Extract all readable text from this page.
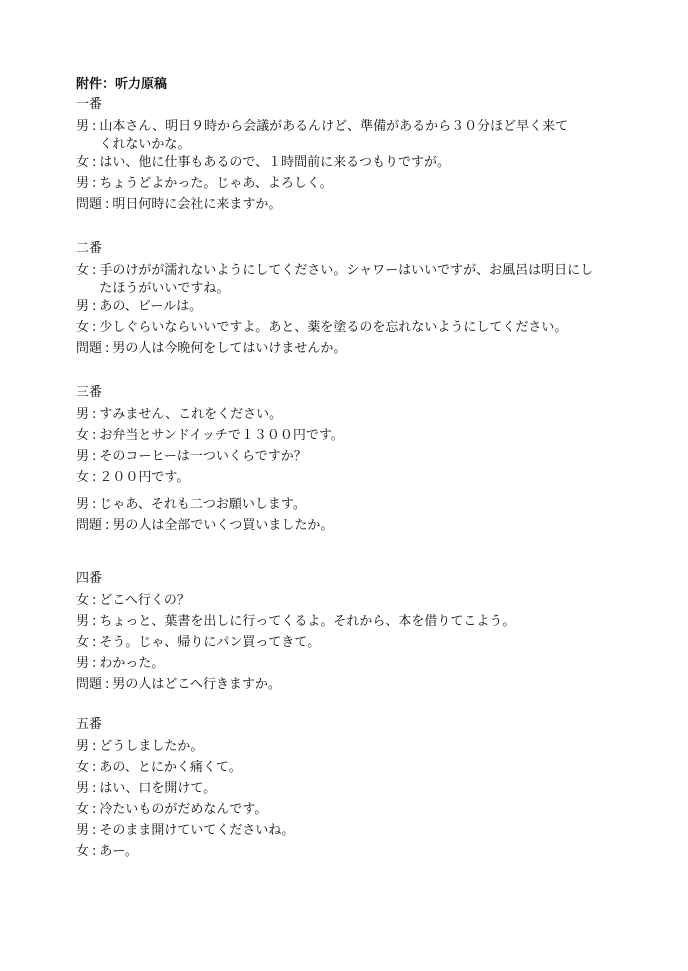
附件：听力原稿
一番
男 : 山本さん、明日９時から会議があるんけど、準備があるから３０分ほど早く来て　　くれないかな。
女 : はい、他に仕事もあるので、１時間前に来るつもりですが。
男 : ちょうどよかった。じゃあ、よろしく。
問題 : 明日何時に会社に来ますか。
二番
女 : 手のけがが濡れないようにしてください。シャワーはいいですが、お風呂は明日にしたほうがいいですね。
男 : あの、ビールは。
女 : 少しぐらいならいいですよ。あと、薬を塗るのを忘れないようにしてください。
問題 : 男の人は今晩何をしてはいけませんか。
三番
男 : すみません、これをください。
女 : お弁当とサンドイッチで１３００円です。
男 : そのコーヒーは一ついくらですか？
女 : ２００円です。
男 : じゃあ、それも二つお願いします。
問題 : 男の人は全部でいくつ買いましたか。
四番
女 : どこへ行くの？
男 : ちょっと、葉書を出しに行ってくるよ。それから、本を借りてこよう。
女 : そう。じゃ、帰りにパン買ってきて。
男 : わかった。
問題 : 男の人はどこへ行きますか。
五番
男 : どうしましたか。
女 : あの、とにかく痛くて。
男 : はい、口を開けて。
女 : 冷たいものがだめなんです。
男 : そのまま開けていてくださいね。
女 : あー。
